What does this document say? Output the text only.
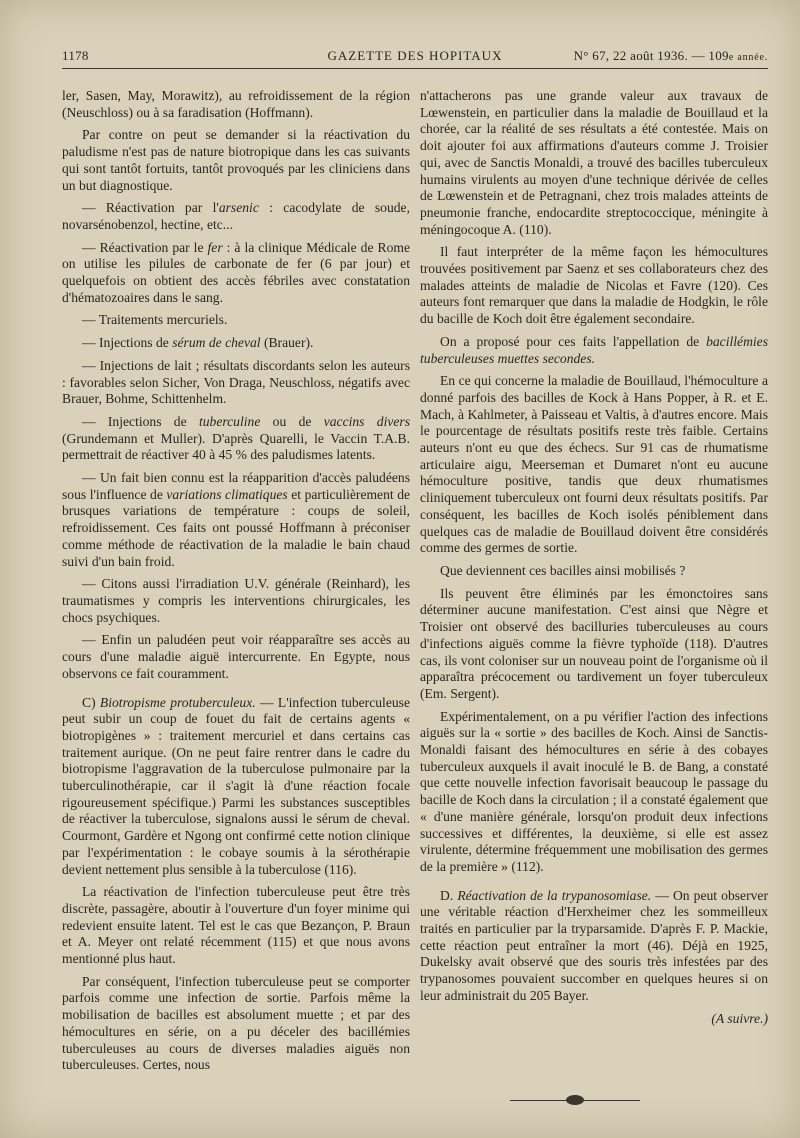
1178	GAZETTE DES HOPITAUX	N° 67, 22 août 1936. — 109e année.

ler, Sasen, May, Morawitz), au refroidissement de la région (Neuschloss) ou à sa faradisation (Hoffmann).

Par contre on peut se demander si la réactivation du paludisme n'est pas de nature biotropique dans les cas suivants qui sont tantôt fortuits, tantôt provoqués par les cliniciens dans un but diagnostique.

— Réactivation par l'arsenic : cacodylate de soude, novarsénobenzol, hectine, etc...

— Réactivation par le fer : à la clinique Médicale de Rome on utilise les pilules de carbonate de fer (6 par jour) et quelquefois on obtient des accès fébriles avec constatation d'hématozoaires dans le sang.

— Traitements mercuriels.

— Injections de sérum de cheval (Brauer).

— Injections de lait ; résultats discordants selon les auteurs : favorables selon Sicher, Von Draga, Neuschloss, négatifs avec Brauer, Bohme, Schittenhelm.

— Injections de tuberculine ou de vaccins divers (Grundemann et Muller). D'après Quarelli, le Vaccin T.A.B. permettrait de réactiver 40 à 45 % des paludismes latents.

— Un fait bien connu est la réapparition d'accès paludéens sous l'influence de variations climatiques et particulièrement de brusques variations de température : coups de soleil, refroidissement. Ces faits ont poussé Hoffmann à préconiser comme méthode de réactivation de la maladie le bain chaud suivi d'un bain froid.

— Citons aussi l'irradiation U.V. générale (Reinhard), les traumatismes y compris les interventions chirurgicales, les chocs psychiques.

— Enfin un paludéen peut voir réapparaître ses accès au cours d'une maladie aiguë intercurrente. En Egypte, nous observons ce fait couramment.

C) Biotropisme protuberculeux. — L'infection tuberculeuse peut subir un coup de fouet du fait de certains agents « biotropigènes » : traitement mercuriel et dans certains cas traitement aurique. (On ne peut faire rentrer dans le cadre du biotropisme l'aggravation de la tuberculose pulmonaire par la tuberculinothérapie, car il s'agit là d'une réaction focale rigoureusement spécifique.) Parmi les substances susceptibles de réactiver la tuberculose, signalons aussi le sérum de cheval. Courmont, Gardère et Ngong ont confirmé cette notion clinique par l'expérimentation : le cobaye soumis à la sérothérapie devient nettement plus sensible à la tuberculose (116).

La réactivation de l'infection tuberculeuse peut être très discrète, passagère, aboutir à l'ouverture d'un foyer minime qui redevient ensuite latent. Tel est le cas que Bezançon, P. Braun et A. Meyer ont relaté récemment (115) et que nous avons mentionné plus haut.

Par conséquent, l'infection tuberculeuse peut se comporter parfois comme une infection de sortie. Parfois même la mobilisation de bacilles est absolument muette ; et par des hémocultures en série, on a pu déceler des bacillémies tuberculeuses au cours de diverses maladies aiguës non tuberculeuses. Certes, nous

n'attacherons pas une grande valeur aux travaux de Lœwenstein, en particulier dans la maladie de Bouillaud et la chorée, car la réalité de ses résultats a été contestée. Mais on doit ajouter foi aux affirmations d'auteurs comme J. Troisier qui, avec de Sanctis Monaldi, a trouvé des bacilles tuberculeux humains virulents au moyen d'une technique dérivée de celles de Lœwenstein et de Petragnani, chez trois malades atteints de pneumonie franche, endocardite streptococcique, méningite à méningocoque A. (110).

Il faut interpréter de la même façon les hémocultures trouvées positivement par Saenz et ses collaborateurs chez des malades atteints de maladie de Nicolas et Favre (120). Ces auteurs font remarquer que dans la maladie de Hodgkin, le rôle du bacille de Koch doit être également secondaire.

On a proposé pour ces faits l'appellation de bacillémies tuberculeuses muettes secondes.

En ce qui concerne la maladie de Bouillaud, l'hémoculture a donné parfois des bacilles de Kock à Hans Popper, à R. et E. Mach, à Kahlmeter, à Paisseau et Valtis, à d'autres encore. Mais le pourcentage de résultats positifs reste très faible. Certains auteurs n'ont eu que des échecs. Sur 91 cas de rhumatisme articulaire aigu, Meerseman et Dumaret n'ont eu aucune hémoculture positive, tandis que deux rhumatismes cliniquement tuberculeux ont fourni deux résultats positifs. Par conséquent, les bacilles de Koch isolés péniblement dans quelques cas de maladie de Bouillaud doivent être considérés comme des germes de sortie.

Que deviennent ces bacilles ainsi mobilisés ?

Ils peuvent être éliminés par les émonctoires sans déterminer aucune manifestation. C'est ainsi que Nègre et Troisier ont observé des bacilluries tuberculeuses au cours d'infections aiguës comme la fièvre typhoïde (118). D'autres cas, ils vont coloniser sur un nouveau point de l'organisme où il apparaîtra précocement ou tardivement un foyer tuberculeux (Em. Sergent).

Expérimentalement, on a pu vérifier l'action des infections aiguës sur la « sortie » des bacilles de Koch. Ainsi de Sanctis-Monaldi faisant des hémocultures en série à des cobayes tuberculeux auxquels il avait inoculé le B. de Bang, a constaté que cette nouvelle infection favorisait beaucoup le passage du bacille de Koch dans la circulation ; il a constaté également que « d'une manière générale, lorsqu'on produit deux infections successives et différentes, la deuxième, si elle est assez virulente, détermine fréquemment une mobilisation des germes de la première » (112).

D. Réactivation de la trypanosomiase. — On peut observer une véritable réaction d'Herxheimer chez les sommeilleux traités en particulier par la tryparsamide. D'après F. P. Mackie, cette réaction peut entraîner la mort (46). Déjà en 1925, Dukelsky avait observé que des souris très infestées par des trypanosomes pouvaient succomber en quelques heures si on leur administrait du 205 Bayer.

(A suivre.)
